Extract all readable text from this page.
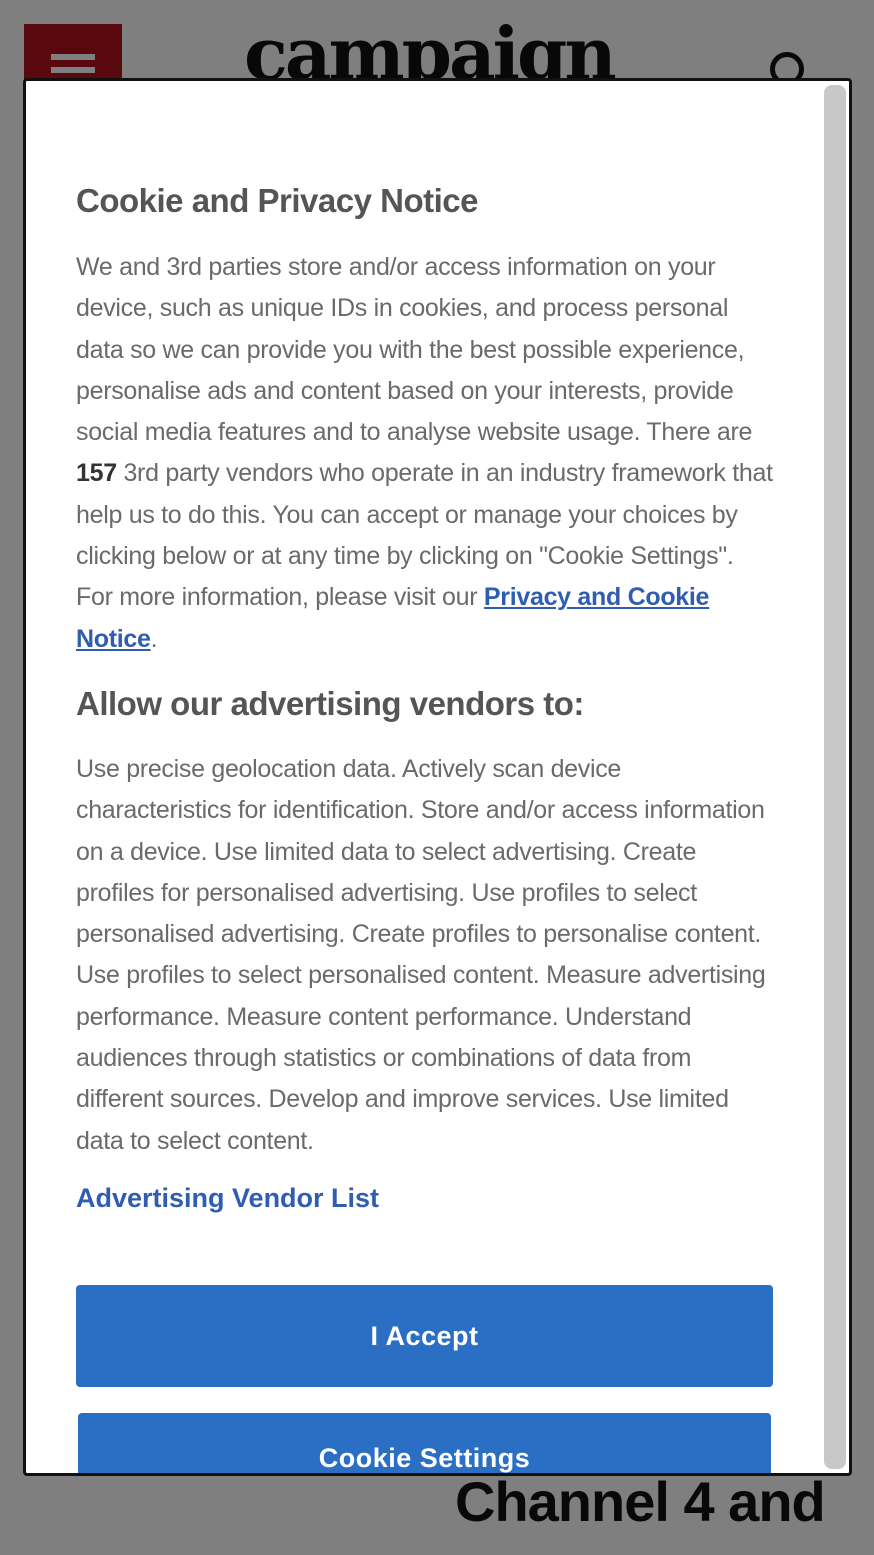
Cookie and Privacy Notice

We and 3rd parties store and/or access information on your device, such as unique IDs in cookies, and process personal data so we can provide you with the best possible experience, personalise ads and content based on your interests, provide social media features and to analyse website usage. There are 157 3rd party vendors who operate in an industry framework that help us to do this. You can accept or manage your choices by clicking below or at any time by clicking on "Cookie Settings". For more information, please visit our Privacy and Cookie Notice.

Allow our advertising vendors to:

Use precise geolocation data. Actively scan device characteristics for identification. Store and/or access information on a device. Use limited data to select advertising. Create profiles for personalised advertising. Use profiles to select personalised advertising. Create profiles to personalise content. Use profiles to select personalised content. Measure advertising performance. Measure content performance. Understand audiences through statistics or combinations of data from different sources. Develop and improve services. Use limited data to select content.

Advertising Vendor List
I Accept
Cookie Settings
